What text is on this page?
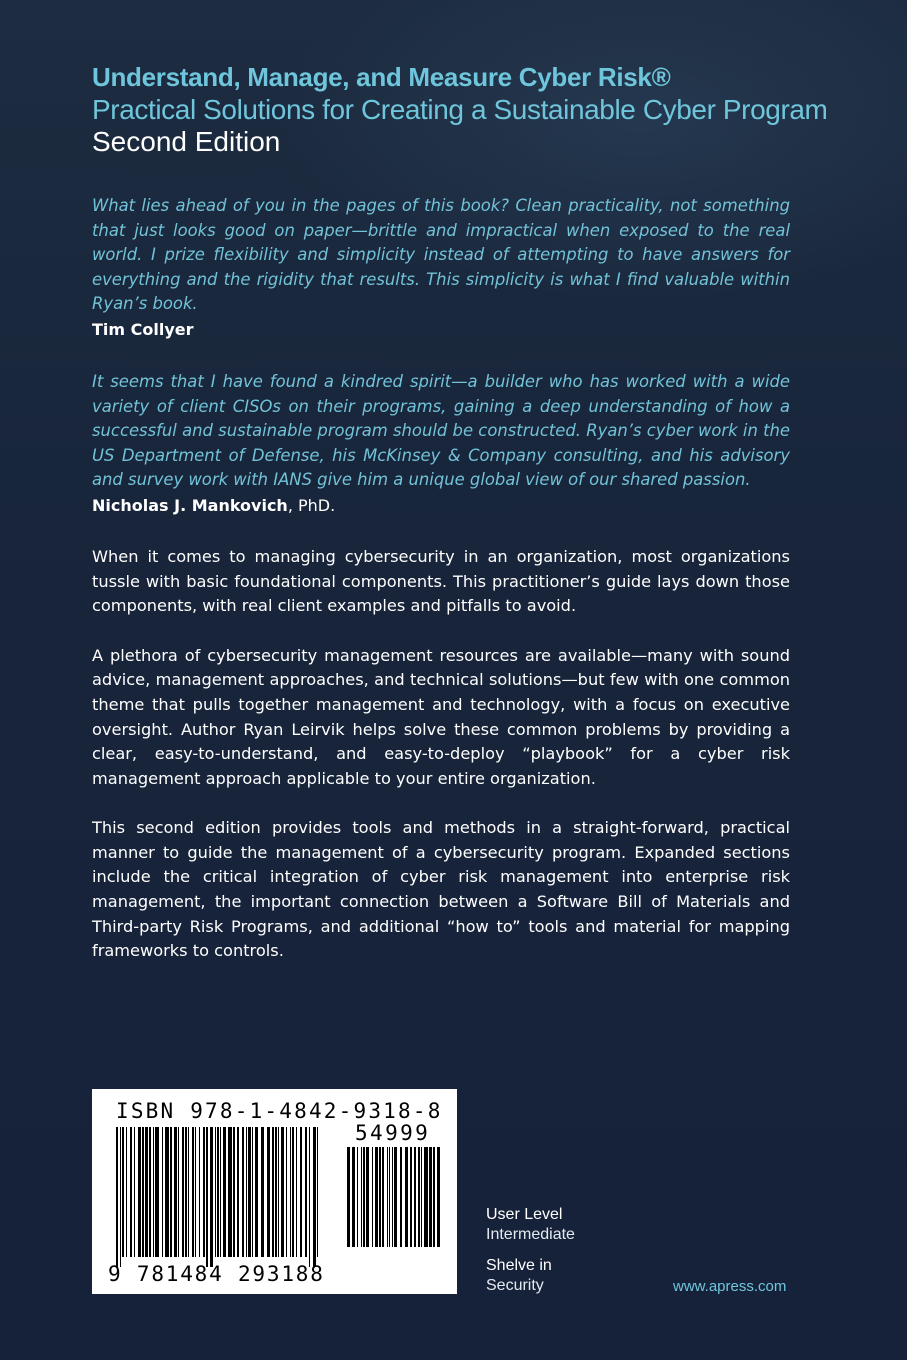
Understand, Manage, and Measure Cyber Risk®
Practical Solutions for Creating a Sustainable Cyber Program
Second Edition

What lies ahead of you in the pages of this book? Clean practicality, not something that just looks good on paper—brittle and impractical when exposed to the real world. I prize flexibility and simplicity instead of attempting to have answers for everything and the rigidity that results. This simplicity is what I find valuable within Ryan’s book.

Tim Collyer

It seems that I have found a kindred spirit—a builder who has worked with a wide variety of client CISOs on their programs, gaining a deep understanding of how a successful and sustainable program should be constructed. Ryan’s cyber work in the US Department of Defense, his McKinsey & Company consulting, and his advisory and survey work with IANS give him a unique global view of our shared passion.

Nicholas J. Mankovich, PhD.

When it comes to managing cybersecurity in an organization, most organizations tussle with basic foundational components. This practitioner’s guide lays down those components, with real client examples and pitfalls to avoid.

A plethora of cybersecurity management resources are available—many with sound advice, management approaches, and technical solutions—but few with one common theme that pulls together management and technology, with a focus on executive oversight. Author Ryan Leirvik helps solve these common problems by providing a clear, easy-to-understand, and easy-to-deploy “playbook” for a cyber risk management approach applicable to your entire organization.

This second edition provides tools and methods in a straight-forward, practical manner to guide the management of a cybersecurity program. Expanded sections include the critical integration of cyber risk management into enterprise risk management, the important connection between a Software Bill of Materials and Third-party Risk Programs, and additional “how to” tools and material for mapping frameworks to controls.

ISBN 978-1-4842-9318-8
54999
9 781484 293188
User Level
Intermediate
Shelve in
Security	www.apress.com
